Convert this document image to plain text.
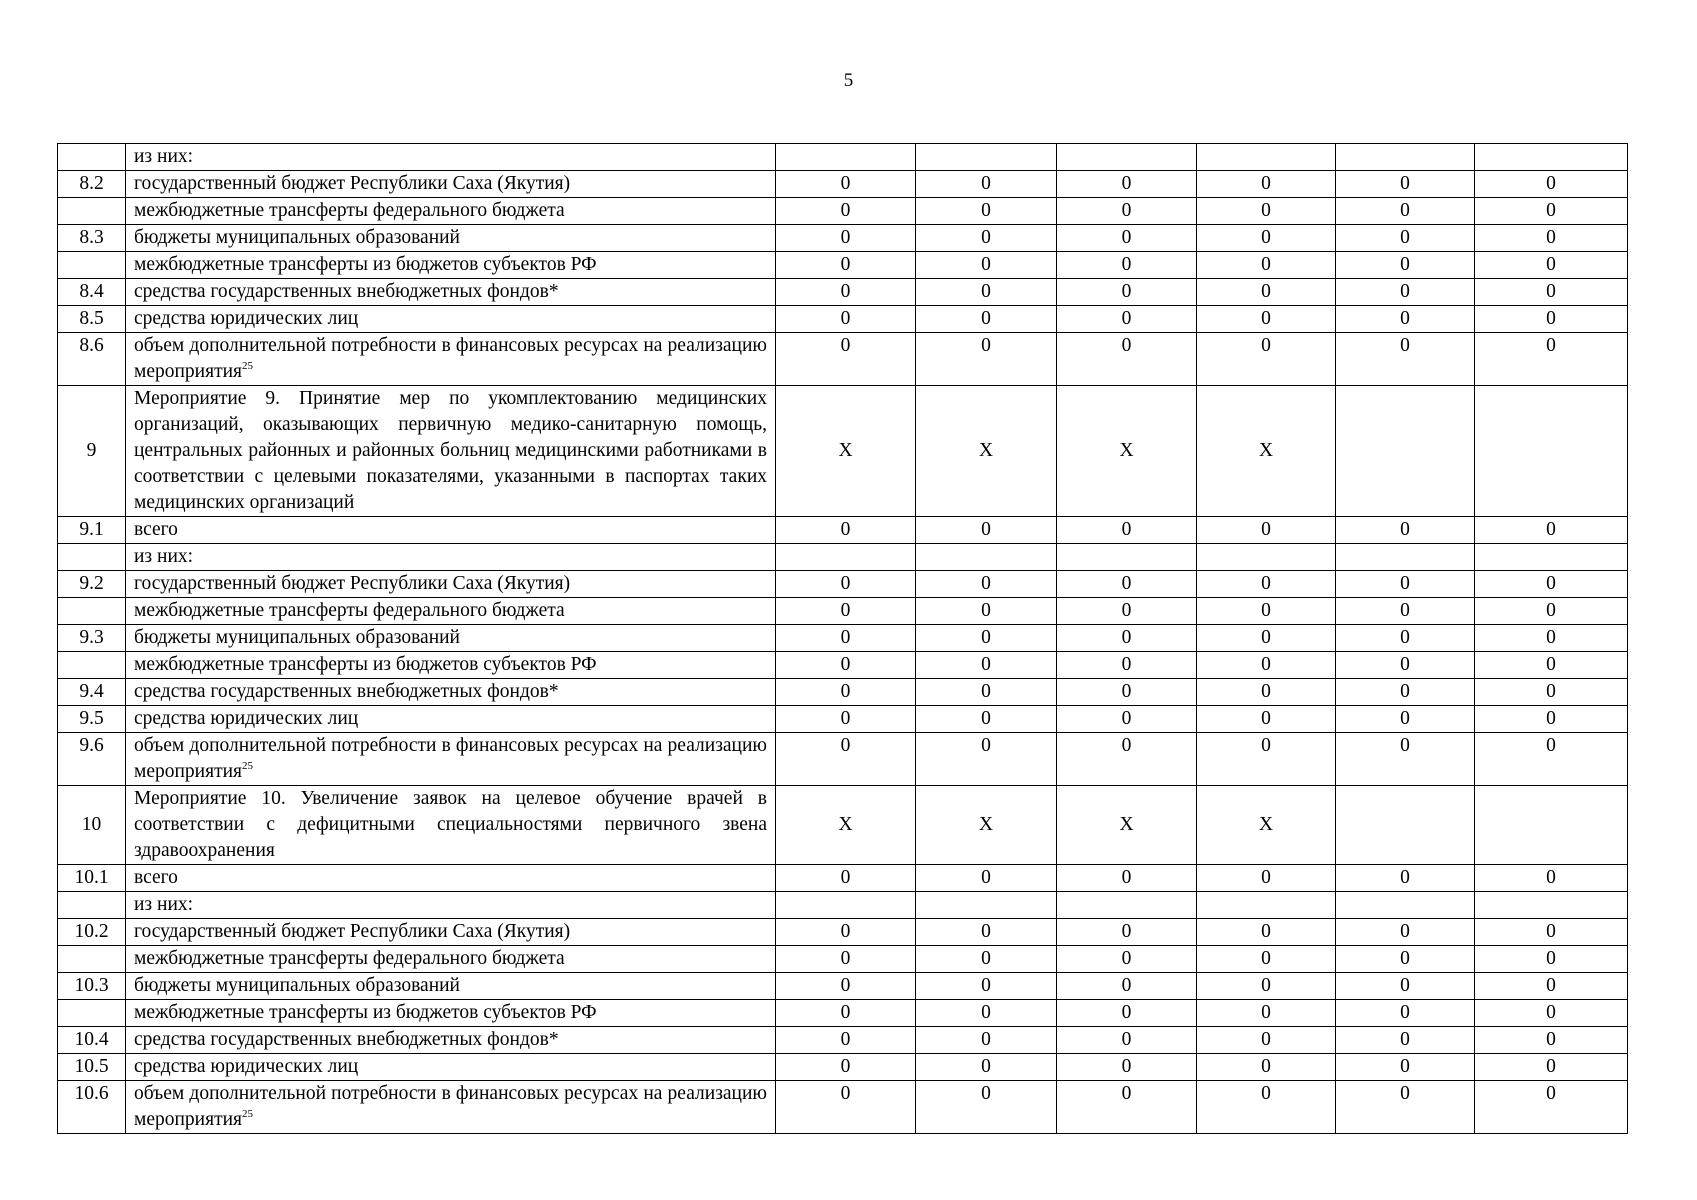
5
	из них:						
8.2	государственный бюджет Республики Саха (Якутия)	0	0	0	0	0	0
	межбюджетные трансферты федерального бюджета	0	0	0	0	0	0
8.3	бюджеты муниципальных образований	0	0	0	0	0	0
	межбюджетные трансферты из бюджетов субъектов РФ	0	0	0	0	0	0
8.4	средства государственных внебюджетных фондов*	0	0	0	0	0	0
8.5	средства юридических лиц	0	0	0	0	0	0
8.6	объем дополнительной потребности в финансовых ресурсах на реализацию мероприятия$^{25}$	0	0	0	0	0	0
9	Мероприятие 9. Принятие мер по укомплектованию медицинских организаций, оказывающих первичную медико-санитарную помощь, центральных районных и районных больниц медицинскими работниками в соответствии с целевыми показателями, указанными в паспортах таких медицинских организаций	Х	Х	Х	Х		
9.1	всего	0	0	0	0	0	0
	из них:						
9.2	государственный бюджет Республики Саха (Якутия)	0	0	0	0	0	0
	межбюджетные трансферты федерального бюджета	0	0	0	0	0	0
9.3	бюджеты муниципальных образований	0	0	0	0	0	0
	межбюджетные трансферты из бюджетов субъектов РФ	0	0	0	0	0	0
9.4	средства государственных внебюджетных фондов*	0	0	0	0	0	0
9.5	средства юридических лиц	0	0	0	0	0	0
9.6	объем дополнительной потребности в финансовых ресурсах на реализацию мероприятия$^{25}$	0	0	0	0	0	0
10	Мероприятие 10. Увеличение заявок на целевое обучение врачей в соответствии с дефицитными специальностями первичного звена здравоохранения	Х	Х	Х	Х		
10.1	всего	0	0	0	0	0	0
	из них:						
10.2	государственный бюджет Республики Саха (Якутия)	0	0	0	0	0	0
	межбюджетные трансферты федерального бюджета	0	0	0	0	0	0
10.3	бюджеты муниципальных образований	0	0	0	0	0	0
	межбюджетные трансферты из бюджетов субъектов РФ	0	0	0	0	0	0
10.4	средства государственных внебюджетных фондов*	0	0	0	0	0	0
10.5	средства юридических лиц	0	0	0	0	0	0
10.6	объем дополнительной потребности в финансовых ресурсах на реализацию мероприятия$^{25}$	0	0	0	0	0	0
